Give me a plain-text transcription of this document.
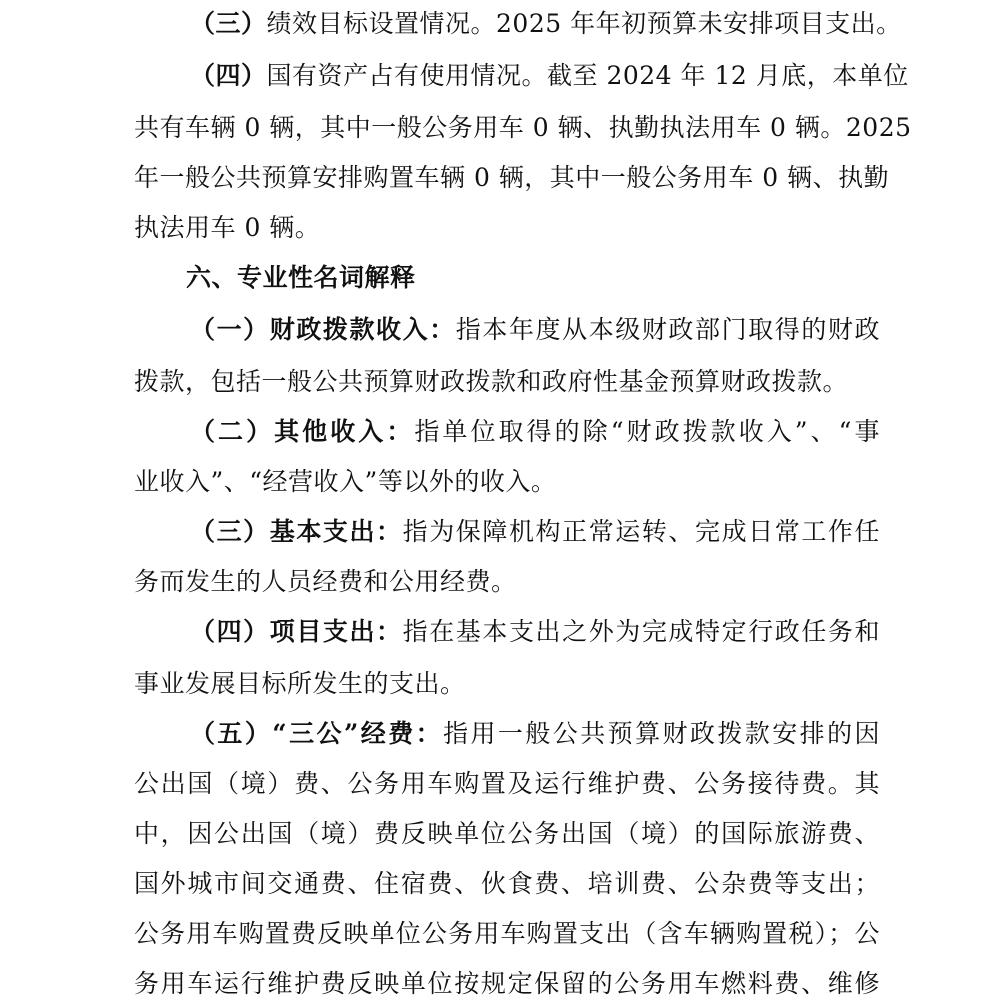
（三）绩效目标设置情况。2025 年年初预算未安排项目支出。
（四）国有资产占有使用情况。截至 2024 年 12 月底，本单位
共有车辆 0 辆，其中一般公务用车 0 辆、执勤执法用车 0 辆。2025
年一般公共预算安排购置车辆 0 辆，其中一般公务用车 0 辆、执勤
执法用车 0 辆。
六、专业性名词解释
（一）财政拨款收入：指本年度从本级财政部门取得的财政
拨款，包括一般公共预算财政拨款和政府性基金预算财政拨款。
（二）其他收入：指单位取得的除“财政拨款收入”、“事
业收入”、“经营收入”等以外的收入。
（三）基本支出：指为保障机构正常运转、完成日常工作任
务而发生的人员经费和公用经费。
（四）项目支出：指在基本支出之外为完成特定行政任务和
事业发展目标所发生的支出。
（五）“三公”经费：指用一般公共预算财政拨款安排的因
公出国（境）费、公务用车购置及运行维护费、公务接待费。其
中，因公出国（境）费反映单位公务出国（境）的国际旅游费、
国外城市间交通费、住宿费、伙食费、培训费、公杂费等支出；
公务用车购置费反映单位公务用车购置支出（含车辆购置税）；公
务用车运行维护费反映单位按规定保留的公务用车燃料费、维修
